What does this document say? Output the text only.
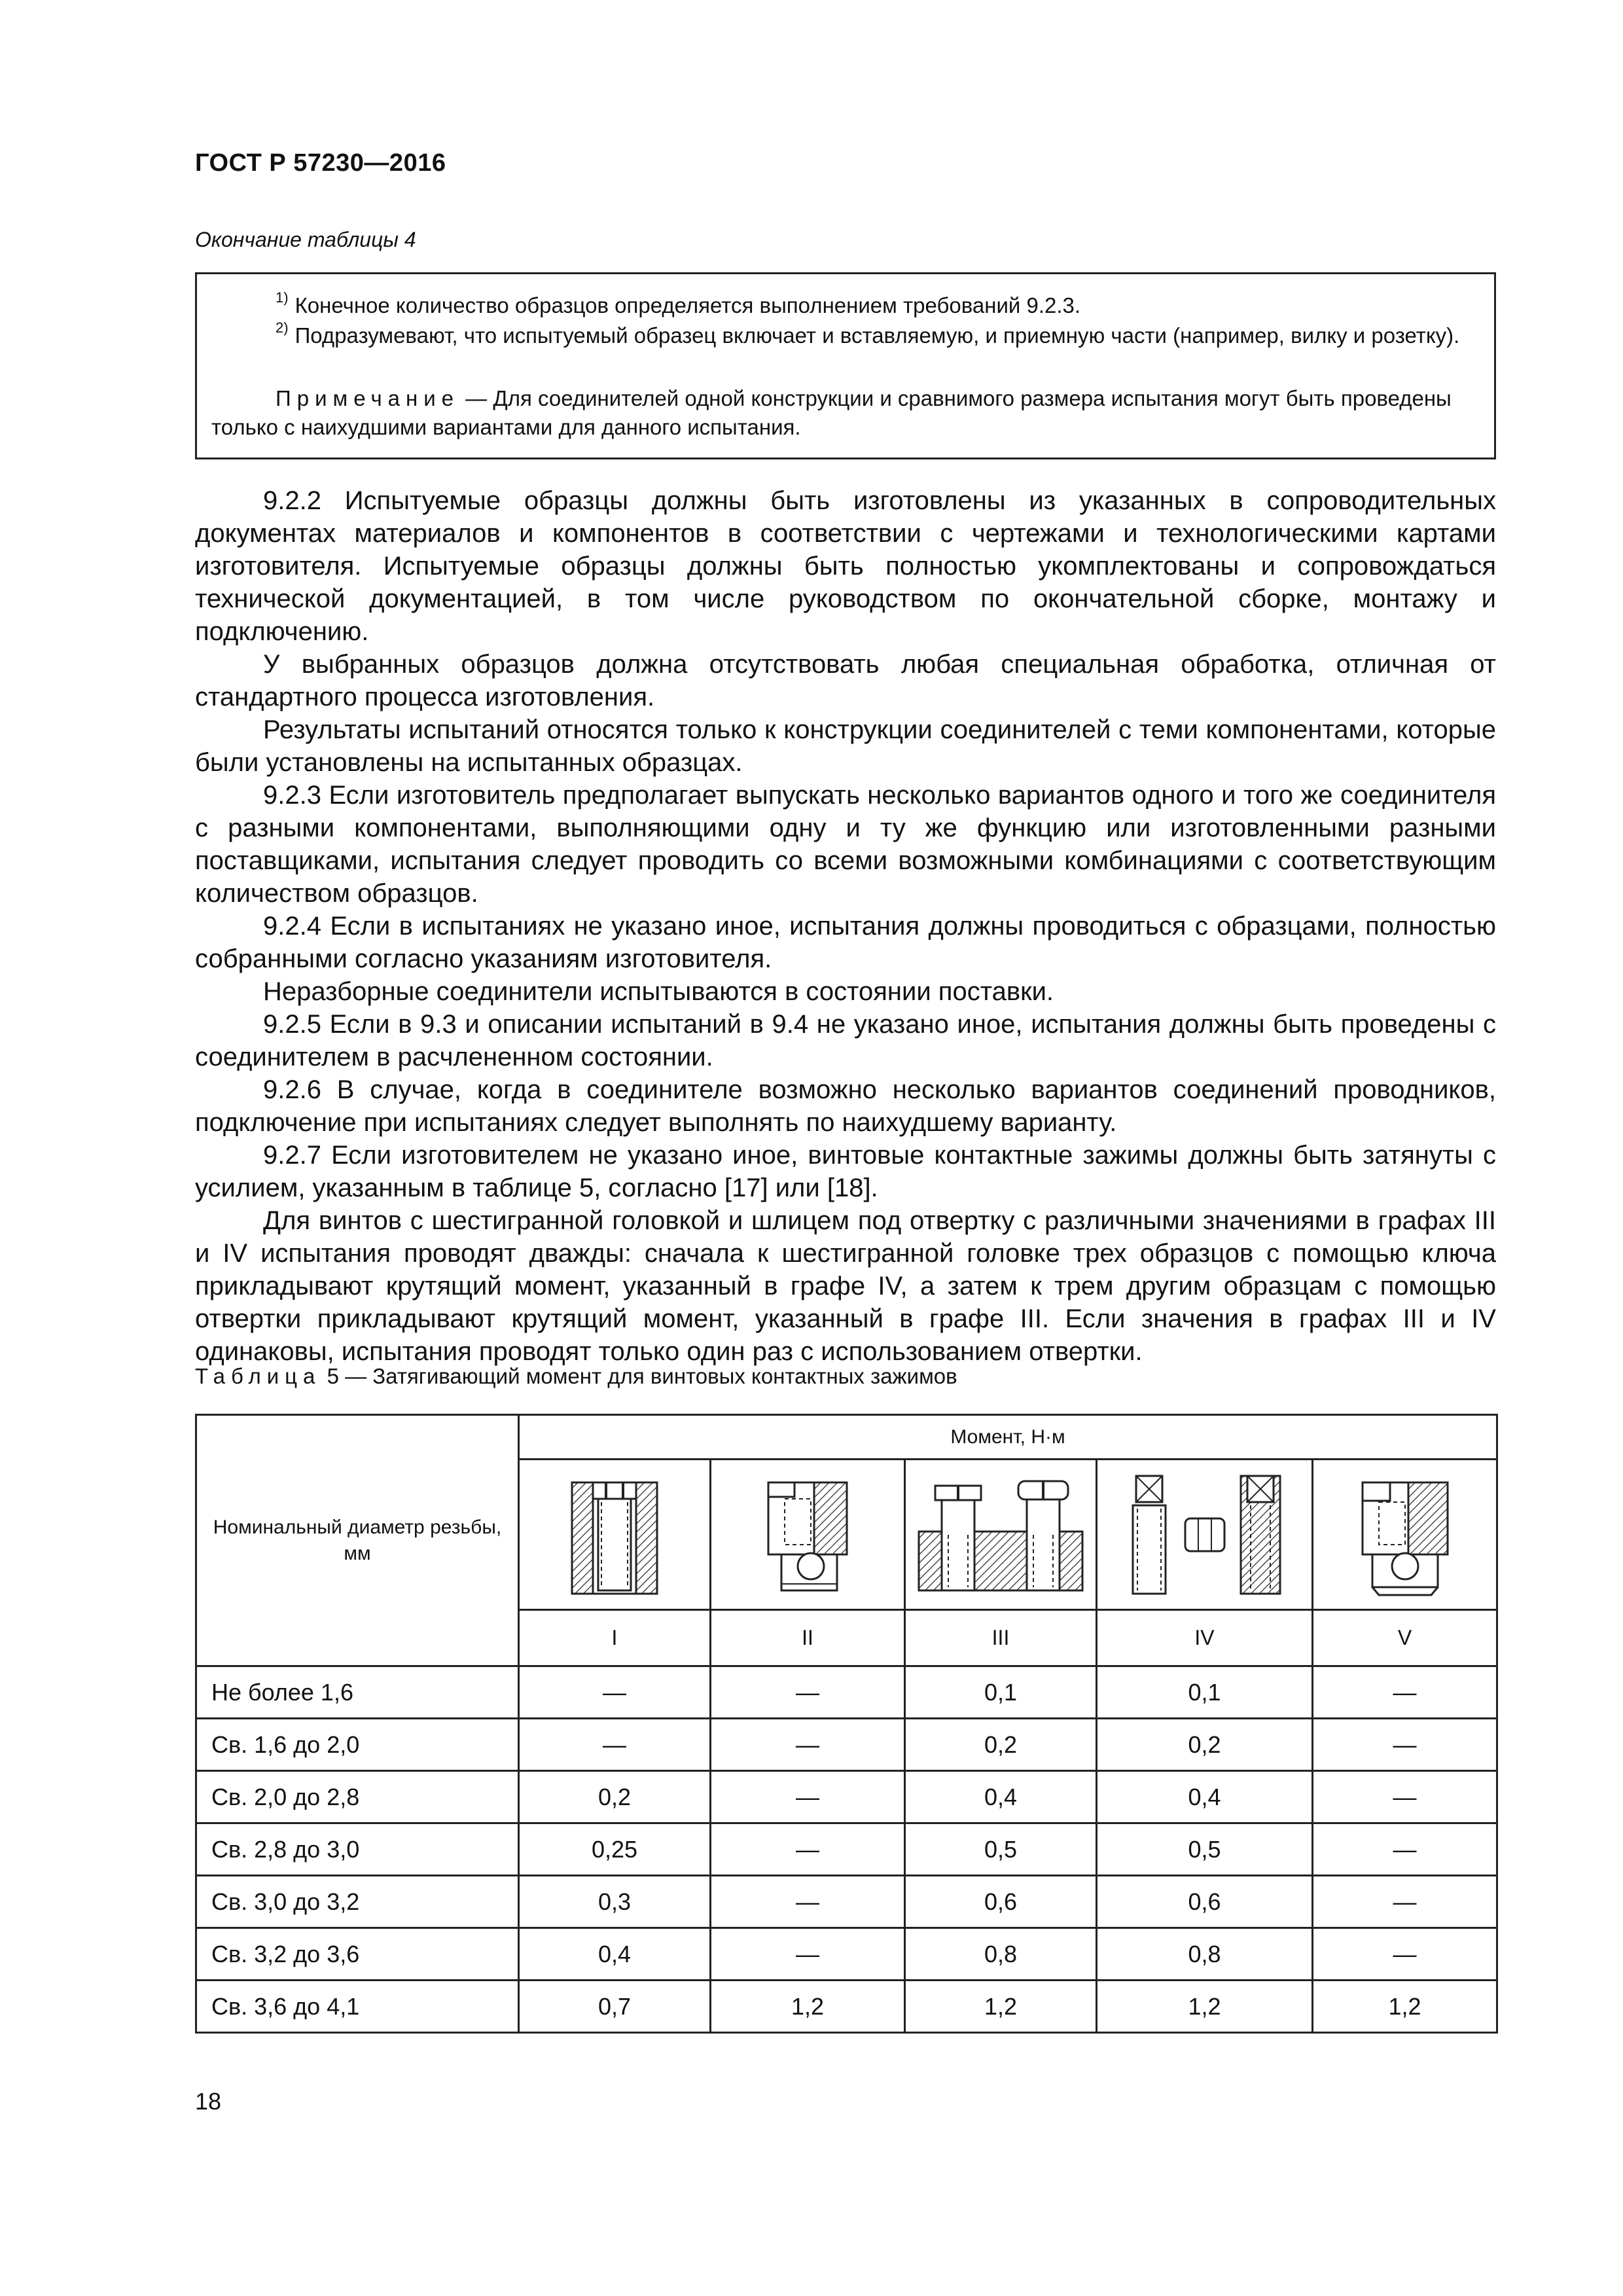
ГОСТ Р 57230—2016
Окончание таблицы 4
$^{1)}$ Конечное количество образцов определяется выполнением требований 9.2.3.
$^{2)}$ Подразумевают, что испытуемый образец включает и вставляемую, и приемную части (например, вилку и розетку).
Примечание — Для соединителей одной конструкции и сравнимого размера испытания могут быть проведены только с наихудшими вариантами для данного испытания.

9.2.2 Испытуемые образцы должны быть изготовлены из указанных в сопроводительных документах материалов и компонентов в соответствии с чертежами и технологическими картами изготовителя. Испытуемые образцы должны быть полностью укомплектованы и сопровождаться технической документацией, в том числе руководством по окончательной сборке, монтажу и подключению.

У выбранных образцов должна отсутствовать любая специальная обработка, отличная от стандартного процесса изготовления.

Результаты испытаний относятся только к конструкции соединителей с теми компонентами, которые были установлены на испытанных образцах.

9.2.3 Если изготовитель предполагает выпускать несколько вариантов одного и того же соединителя с разными компонентами, выполняющими одну и ту же функцию или изготовленными разными поставщиками, испытания следует проводить со всеми возможными комбинациями с соответствующим количеством образцов.

9.2.4 Если в испытаниях не указано иное, испытания должны проводиться с образцами, полностью собранными согласно указаниям изготовителя.

Неразборные соединители испытываются в состоянии поставки.

9.2.5 Если в 9.3 и описании испытаний в 9.4 не указано иное, испытания должны быть проведены с соединителем в расчлененном состоянии.

9.2.6 В случае, когда в соединителе возможно несколько вариантов соединений проводников, подключение при испытаниях следует выполнять по наихудшему варианту.

9.2.7 Если изготовителем не указано иное, винтовые контактные зажимы должны быть затянуты с усилием, указанным в таблице 5, согласно [17] или [18].

Для винтов с шестигранной головкой и шлицем под отвертку с различными значениями в графах III и IV испытания проводят дважды: сначала к шестигранной головке трех образцов с помощью ключа прикладывают крутящий момент, указанный в графе IV, а затем к трем другим образцам с помощью отвертки прикладывают крутящий момент, указанный в графе III. Если значения в графах III и IV одинаковы, испытания проводят только один раз с использованием отвертки.

Таблица 5 — Затягивающий момент для винтовых контактных зажимов
Номинальный диаметр резьбы, мм	Момент, Н·м				

	I	II	III	IV	V
Не более 1,6	—	—	0,1	0,1	—
Св. 1,6 до 2,0	—	—	0,2	0,2	—
Св. 2,0 до 2,8	0,2	—	0,4	0,4	—
Св. 2,8 до 3,0	0,25	—	0,5	0,5	—
Св. 3,0 до 3,2	0,3	—	0,6	0,6	—
Св. 3,2 до 3,6	0,4	—	0,8	0,8	—
Св. 3,6 до 4,1	0,7	1,2	1,2	1,2	1,2
18
